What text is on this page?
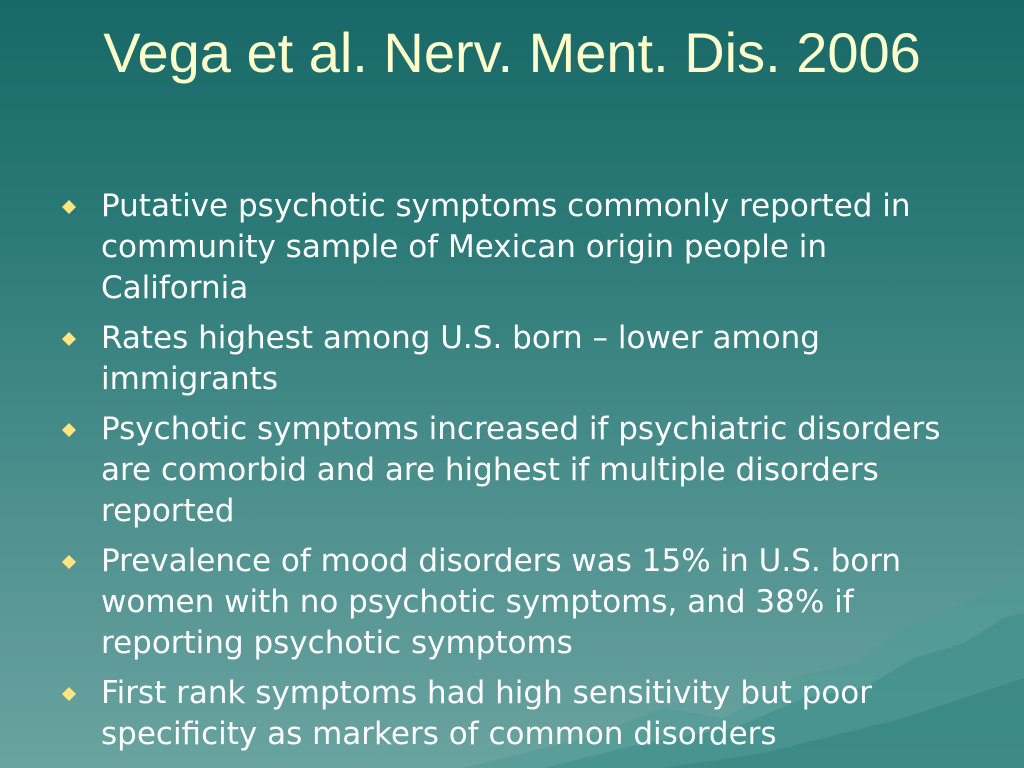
Vega et al. Nerv. Ment. Dis. 2006
Putative psychotic symptoms commonly reported in community sample of Mexican origin people in California
Rates highest among U.S. born – lower among immigrants
Psychotic symptoms increased if psychiatric disorders are comorbid and are highest if multiple disorders reported
Prevalence of mood disorders was 15% in U.S. born women with no psychotic symptoms, and 38% if reporting psychotic symptoms
First rank symptoms had high sensitivity but poor specificity as markers of common disorders
